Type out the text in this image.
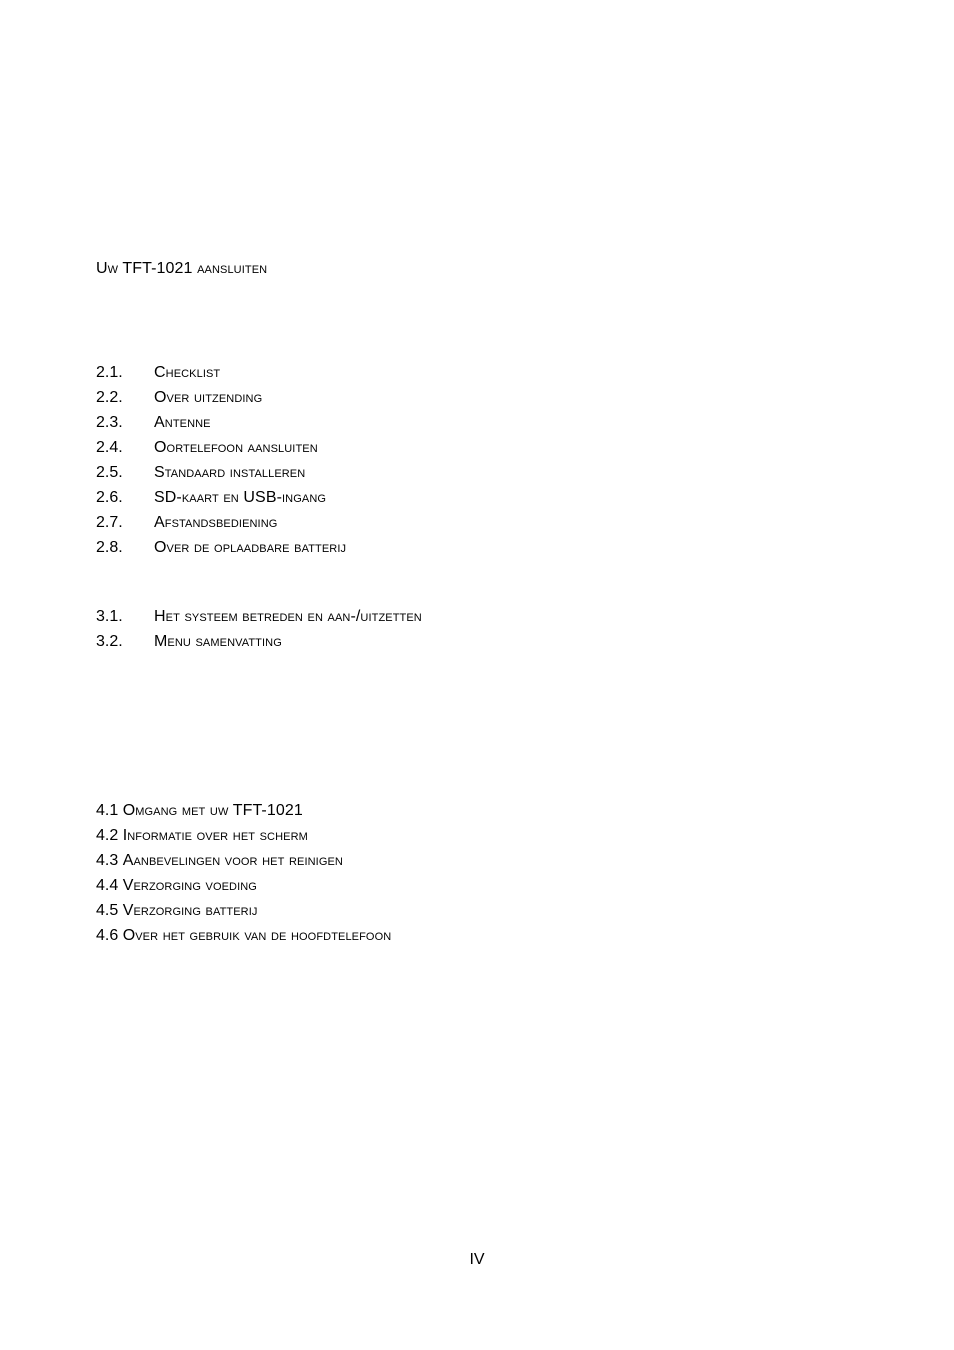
Uw TFT-1021 aansluiten
2.1. Checklist
2.2. Over uitzending
2.3. Antenne
2.4. Oortelefoon aansluiten
2.5. Standaard installeren
2.6. SD-kaart en USB-ingang
2.7. Afstandsbediening
2.8. Over de oplaadbare batterij
3.1. Het systeem betreden en aan-/uitzetten
3.2. Menu samenvatting
4.1 Omgang met uw TFT-1021
4.2 Informatie over het scherm
4.3 Aanbevelingen voor het reinigen
4.4 Verzorging voeding
4.5 Verzorging batterij
4.6 Over het gebruik van de hoofdtelefoon
IV
